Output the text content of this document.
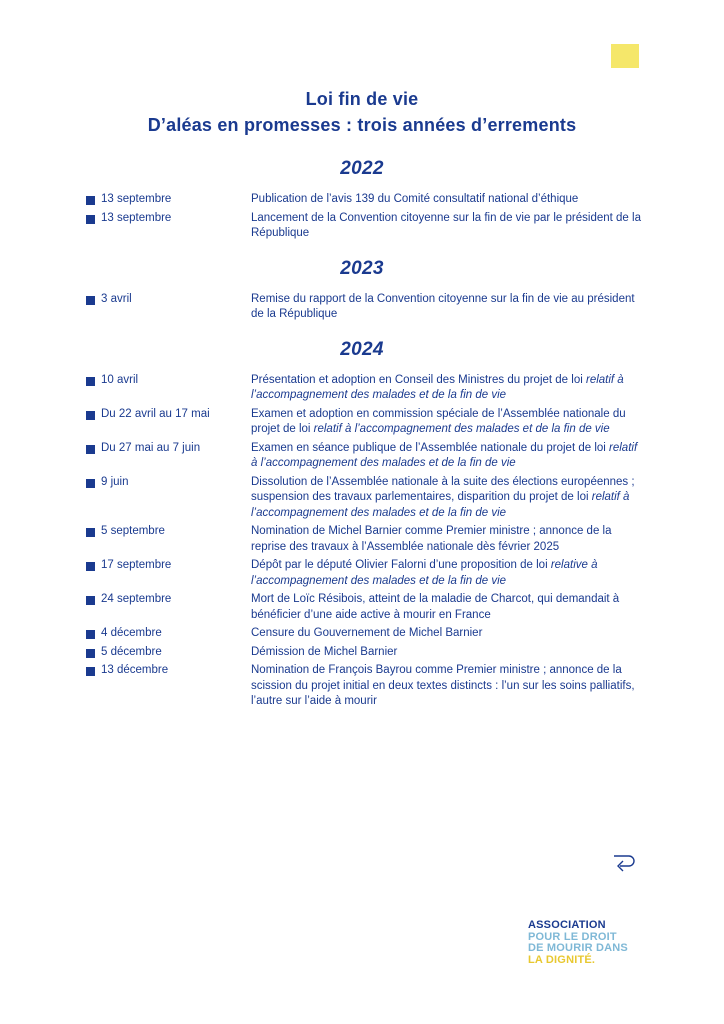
Loi fin de vie
D’aléas en promesses : trois années d’errements
2022
13 septembre	Publication de l’avis 139 du Comité consultatif national d’éthique
13 septembre	Lancement de la Convention citoyenne sur la fin de vie par le président de la République
2023
3 avril	Remise du rapport de la Convention citoyenne sur la fin de vie au président de la République
2024
10 avril	Présentation et adoption en Conseil des Ministres du projet de loi relatif à l’accompagnement des malades et de la fin de vie
Du 22 avril au 17 mai	Examen et adoption en commission spéciale de l’Assemblée nationale du projet de loi relatif à l’accompagnement des malades et de la fin de vie
Du 27 mai au 7 juin	Examen en séance publique de l’Assemblée nationale du projet de loi relatif à l’accompagnement des malades et de la fin de vie
9 juin	Dissolution de l’Assemblée nationale à la suite des élections européennes ; suspension des travaux parlementaires, disparition du projet de loi relatif à l’accompagnement des malades et de la fin de vie
5 septembre	Nomination de Michel Barnier comme Premier ministre ; annonce de la reprise des travaux à l’Assemblée nationale dès février 2025
17 septembre	Dépôt par le député Olivier Falorni d’une proposition de loi relative à l’accompagnement des malades et de la fin de vie
24 septembre	Mort de Loïc Résibois, atteint de la maladie de Charcot, qui demandait à bénéficier d’une aide active à mourir en France
4 décembre	Censure du Gouvernement de Michel Barnier
5 décembre	Démission de Michel Barnier
13 décembre	Nomination de François Bayrou comme Premier ministre ; annonce de la scission du projet initial en deux textes distincts : l’un sur les soins palliatifs, l’autre sur l’aide à mourir
ASSOCIATION
POUR LE DROIT
DE MOURIR DANS
LA DIGNITÉ.
